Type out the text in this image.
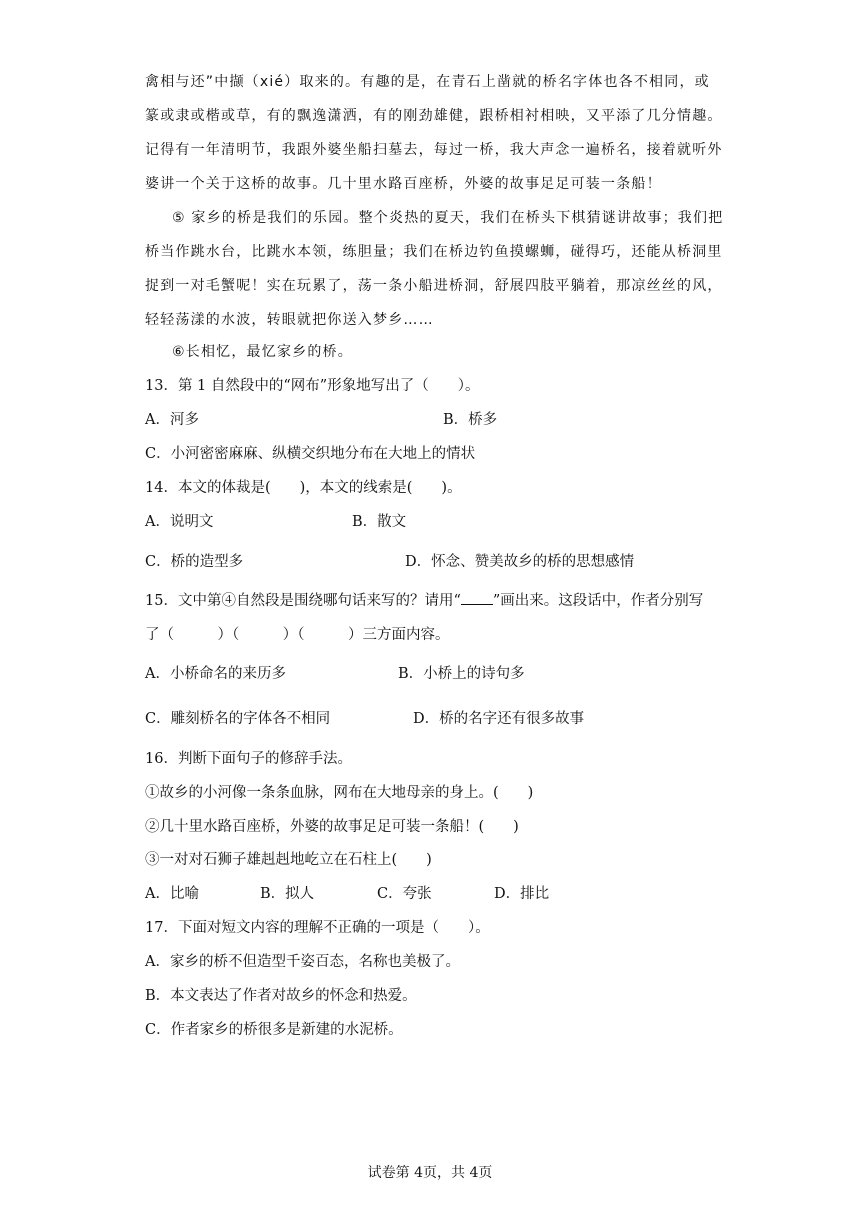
禽相与还”中撷（xié）取来的。有趣的是，在青石上凿就的桥名字体也各不相同，或
篆或隶或楷或草，有的飘逸潇洒，有的刚劲雄健，跟桥相衬相映，又平添了几分情趣。
记得有一年清明节，我跟外婆坐船扫墓去，每过一桥，我大声念一遍桥名，接着就听外
婆讲一个关于这桥的故事。几十里水路百座桥，外婆的故事足足可装一条船！
⑤ 家乡的桥是我们的乐园。整个炎热的夏天，我们在桥头下棋猜谜讲故事；我们把
桥当作跳水台，比跳水本领，练胆量；我们在桥边钓鱼摸螺蛳，碰得巧，还能从桥洞里
捉到一对毛蟹呢！实在玩累了，荡一条小船进桥洞，舒展四肢平躺着，那凉丝丝的风，
轻轻荡漾的水波，转眼就把你送入梦乡……
⑥长相忆，最忆家乡的桥。
13．第 1 自然段中的“网布”形象地写出了（　　）。
A．河多	B．桥多
C．小河密密麻麻、纵横交织地分布在大地上的情状
14．本文的体裁是(　　)，本文的线索是(　　)。
A．说明文	B．散文
C．桥的造型多	D．怀念、赞美故乡的桥的思想感情
15．文中第④自然段是围绕哪句话来写的？请用“ ”画出来。这段话中，作者分别写
了（　　　）（　　　）（　　　）三方面内容。
A．小桥命名的来历多	B．小桥上的诗句多
C．雕刻桥名的字体各不相同	D．桥的名字还有很多故事
16．判断下面句子的修辞手法。
①故乡的小河像一条条血脉，网布在大地母亲的身上。(　　)
②几十里水路百座桥，外婆的故事足足可装一条船！(　　)
③一对对石狮子雄赳赳地屹立在石柱上(　　)
A．比喻	B．拟人	C．夸张	D．排比
17．下面对短文内容的理解不正确的一项是（　　）。
A．家乡的桥不但造型千姿百态，名称也美极了。
B．本文表达了作者对故乡的怀念和热爱。
C．作者家乡的桥很多是新建的水泥桥。
试卷第 4页，共 4页
